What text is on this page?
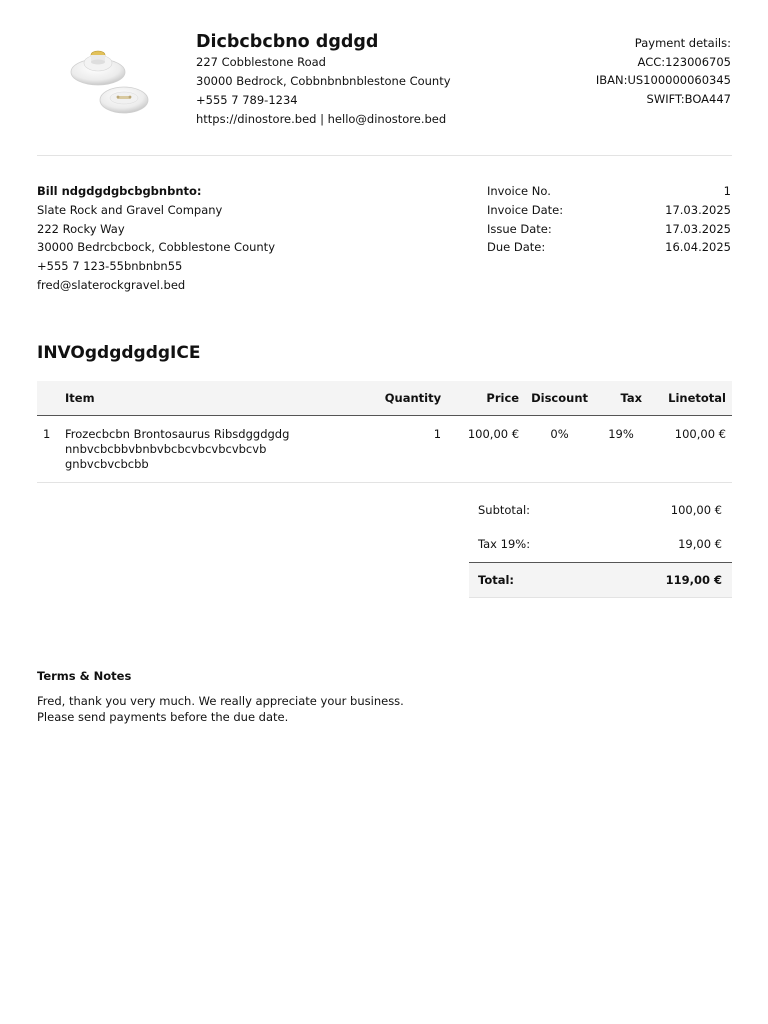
Dicbcbcbno dgdgd
227 Cobblestone Road
30000 Bedrock, Cobbnbnbnblestone County
+555 7 789-1234
https://dinostore.bed | hello@dinostore.bed
Payment details:
ACC:123006705
IBAN:US100000060345
SWIFT:BOA447
Bill ndgdgdgbcbgbnbnto:
Slate Rock and Gravel Company
222 Rocky Way
30000 Bedrcbcbock, Cobblestone County
+555 7 123-55bnbnbn55
fred@slaterockgravel.bed
Invoice No.	1
Invoice Date:	17.03.2025
Issue Date:	17.03.2025
Due Date:	16.04.2025
INVOgdgdgdgICE
	Item	Quantity	Price	Discount	Tax	Linetotal
1	Frozecbcbn Brontosaurus Ribsdggdgdg
nnbvcbcbbvbnbvbcbcvbcvbcvbcvb gnbvcbvcbcbb	1	100,00 €	0%	19%	100,00 €
Subtotal:	100,00 €
Tax 19%:	19,00 €
Total:	119,00 €
Terms & Notes
Fred, thank you very much. We really appreciate your business.
Please send payments before the due date.
